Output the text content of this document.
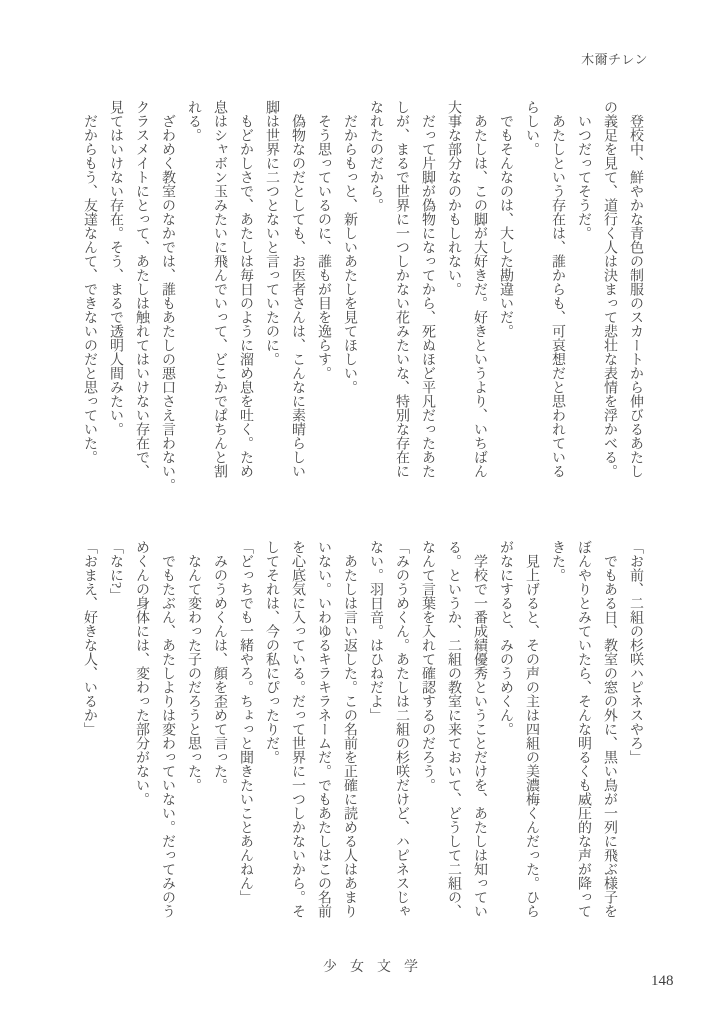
木爾チレン
登校中、鮮やかな青色の制服のスカートから伸びるあたし
の義足を見て、道行く人は決まって悲壮な表情を浮かべる。
いつだってそうだ。
あたしという存在は、誰からも、可哀想だと思われている
らしい。
でもそんなのは、大した勘違いだ。
あたしは、この脚が大好きだ。好きというより、いちばん
大事な部分なのかもしれない。
だって片脚が偽物になってから、死ぬほど平凡だったあた
しが、まるで世界に一つしかない花みたいな、特別な存在に
なれたのだから。
だからもっと、新しいあたしを見てほしい。
そう思っているのに、誰もが目を逸らす。
偽物なのだとしても、お医者さんは、こんなに素晴らしい
脚は世界に二つとないと言っていたのに。
もどかしさで、あたしは毎日のように溜め息を吐く。ため
息はシャボン玉みたいに飛んでいって、どこかでぱちんと割
れる。
ざわめく教室のなかでは、誰もあたしの悪口さえ言わない。
クラスメイトにとって、あたしは触れてはいけない存在で、
見てはいけない存在。そう、まるで透明人間みたい。
だからもう、友達なんて、できないのだと思っていた。
「お前、二組の杉咲ハピネスやろ」
でもある日、教室の窓の外に、黒い鳥が一列に飛ぶ様子を
ぼんやりとみていたら、そんな明るくも威圧的な声が降って
きた。
見上げると、その声の主は四組の美濃梅くんだった。ひら
がなにすると、みのうめくん。
学校で一番成績優秀ということだけを、あたしは知ってい
る。というか、二組の教室に来ておいて、どうして二組の、
なんて言葉を入れて確認するのだろう。
「みのうめくん。あたしは二組の杉咲だけど、ハピネスじゃ
ない。羽日音。はひねだよ」
あたしは言い返した。この名前を正確に読める人はあまり
いない。いわゆるキラキラネームだ。でもあたしはこの名前
を心底気に入っている。だって世界に一つしかないから。そ
してそれは、今の私にぴったりだ。
「どっちでも一緒やろ。ちょっと聞きたいことあんねん」
みのうめくんは、顔を歪めて言った。
なんて変わった子のだろうと思った。
でもたぶん、あたしよりは変わっていない。だってみのう
めくんの身体には、変わった部分がない。
「なに?」
「おまえ、好きな人、いるか」
少女文学
148
